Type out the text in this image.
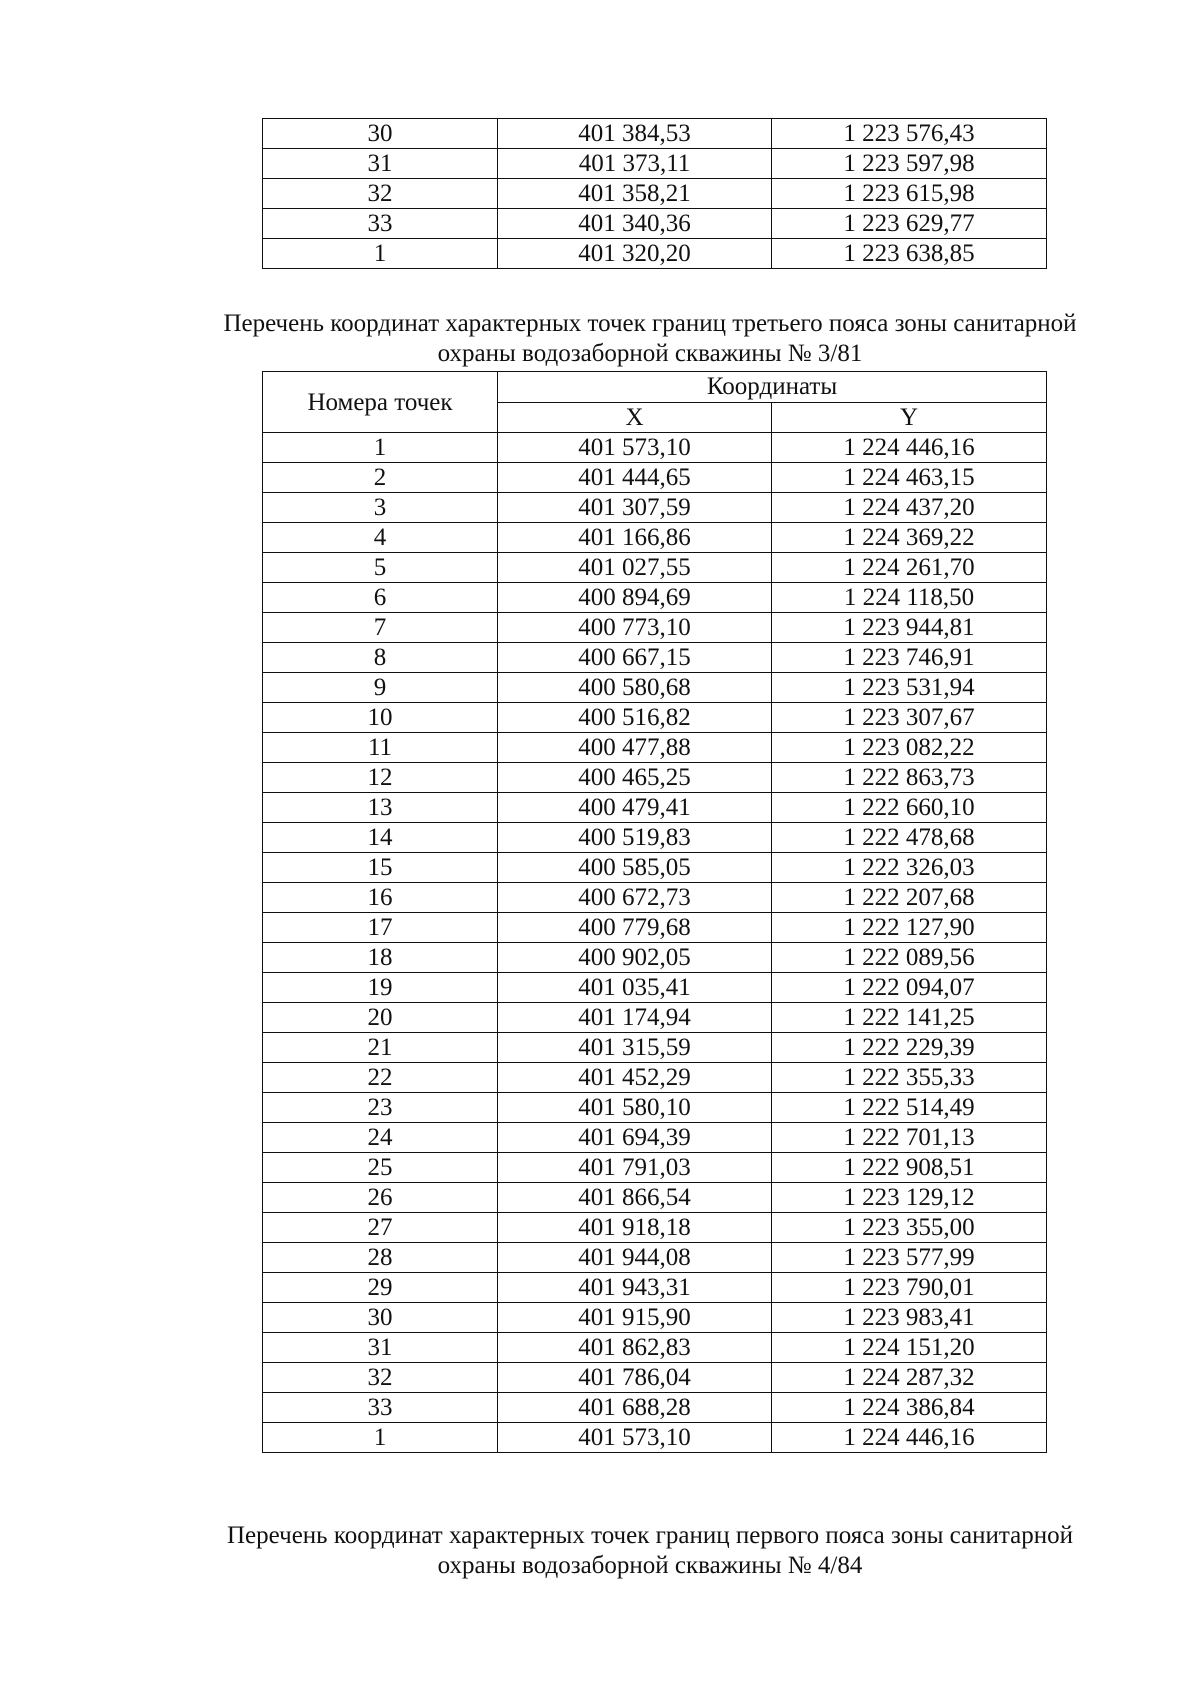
30	401 384,53	1 223 576,43
31	401 373,11	1 223 597,98
32	401 358,21	1 223 615,98
33	401 340,36	1 223 629,77
1	401 320,20	1 223 638,85
Перечень координат характерных точек границ третьего пояса зоны санитарной
охраны водозаборной скважины № 3/81
Номера точек	Координаты	
	X	Y
1	401 573,10	1 224 446,16
2	401 444,65	1 224 463,15
3	401 307,59	1 224 437,20
4	401 166,86	1 224 369,22
5	401 027,55	1 224 261,70
6	400 894,69	1 224 118,50
7	400 773,10	1 223 944,81
8	400 667,15	1 223 746,91
9	400 580,68	1 223 531,94
10	400 516,82	1 223 307,67
11	400 477,88	1 223 082,22
12	400 465,25	1 222 863,73
13	400 479,41	1 222 660,10
14	400 519,83	1 222 478,68
15	400 585,05	1 222 326,03
16	400 672,73	1 222 207,68
17	400 779,68	1 222 127,90
18	400 902,05	1 222 089,56
19	401 035,41	1 222 094,07
20	401 174,94	1 222 141,25
21	401 315,59	1 222 229,39
22	401 452,29	1 222 355,33
23	401 580,10	1 222 514,49
24	401 694,39	1 222 701,13
25	401 791,03	1 222 908,51
26	401 866,54	1 223 129,12
27	401 918,18	1 223 355,00
28	401 944,08	1 223 577,99
29	401 943,31	1 223 790,01
30	401 915,90	1 223 983,41
31	401 862,83	1 224 151,20
32	401 786,04	1 224 287,32
33	401 688,28	1 224 386,84
1	401 573,10	1 224 446,16
Перечень координат характерных точек границ первого пояса зоны санитарной
охраны водозаборной скважины № 4/84
